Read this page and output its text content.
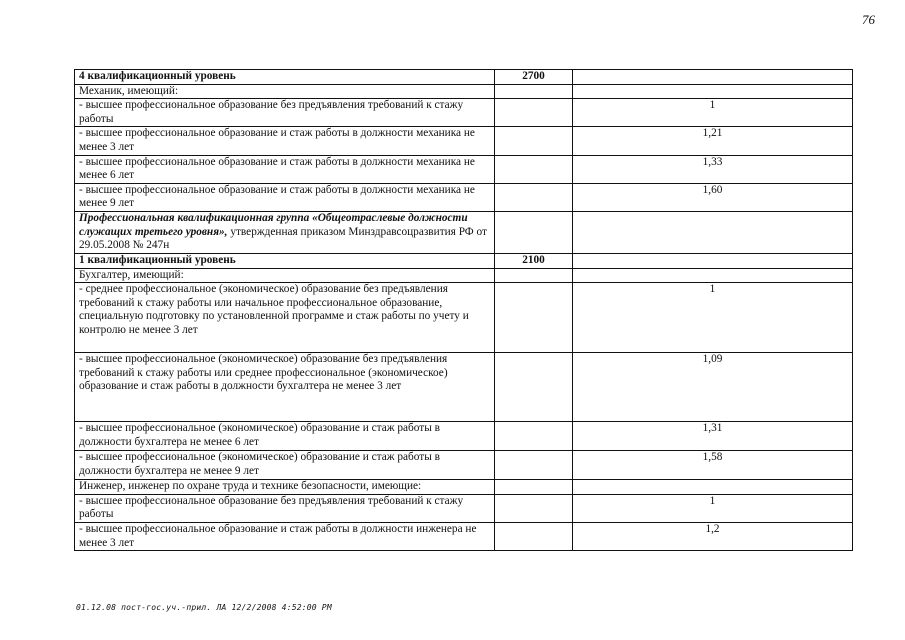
76
4 квалификационный уровень	2700	
Механик, имеющий:		
- высшее профессиональное образование без предъявления требований к стажу работы		1
- высшее профессиональное образование и стаж работы в должности механика не менее 3 лет		1,21
- высшее профессиональное образование и стаж работы в должности механика не менее 6 лет		1,33
- высшее профессиональное образование и стаж работы в должности механика не менее 9 лет		1,60
Профессиональная квалификационная группа «Общеотраслевые должности служащих третьего уровня», утвержденная приказом Минздравсоцразвития РФ от 29.05.2008 № 247н		
1 квалификационный уровень	2100	
Бухгалтер, имеющий:		
- среднее профессиональное (экономическое) образование без предъявления требований к стажу работы или начальное профессиональное образование, специальную подготовку по установленной программе и стаж работы по учету и контролю не менее 3 лет		1
- высшее профессиональное (экономическое) образование без предъявления требований к стажу работы или среднее профессиональное (экономическое) образование и стаж работы в должности бухгалтера не менее 3 лет		1,09
- высшее профессиональное (экономическое) образование и стаж работы в должности бухгалтера не менее 6 лет		1,31
- высшее профессиональное (экономическое) образование и стаж работы в должности бухгалтера не менее 9 лет		1,58
Инженер, инженер по охране труда и технике безопасности, имеющие:		
- высшее профессиональное образование без предъявления требований к стажу работы		1
- высшее профессиональное образование и стаж работы в должности инженера не менее 3 лет		1,2
01.12.08 пост-гос.уч.-прил. ЛА 12/2/2008 4:52:00 PM
